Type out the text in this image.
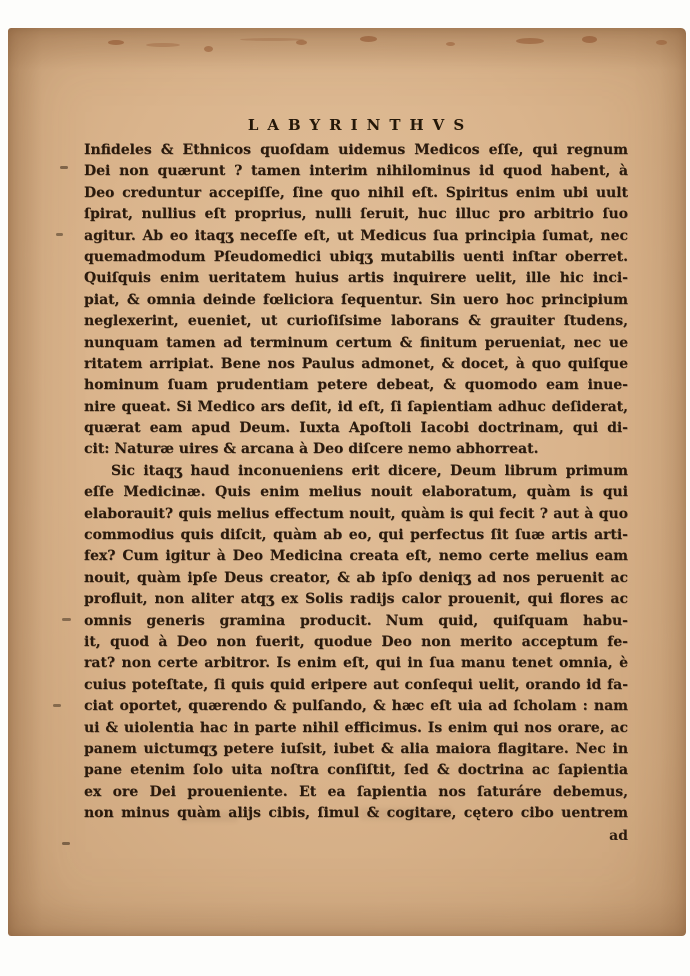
LABYRINTHVS
Infideles & Ethnicos quoſdam uidemus Medicos eſſe, qui regnum
Dei non quærunt ? tamen interim nihilominus id quod habent, à
Deo creduntur accepiſſe, ſine quo nihil eſt. Spiritus enim ubi uult
ſpirat, nullius eſt proprius, nulli ſeruit, huc illuc pro arbitrio ſuo
agitur. Ab eo itaqʒ neceſſe eſt, ut Medicus ſua principia ſumat, nec
quemadmodum Pſeudomedici ubiqʒ mutabilis uenti inſtar oberret.
Quiſquis enim ueritatem huius artis inquirere uelit, ille hic inci-
piat, & omnia deinde fœliciora ſequentur. Sin uero hoc principium
neglexerint, eueniet, ut curioſiſsime laborans & grauiter ſtudens,
nunquam tamen ad terminum certum & finitum perueniat, nec ue
ritatem arripiat. Bene nos Paulus admonet, & docet, à quo quiſque
hominum ſuam prudentiam petere debeat, & quomodo eam inue-
nire queat. Si Medico ars deſit, id eſt, ſi ſapientiam adhuc deſiderat,
quærat eam apud Deum. Iuxta Apoſtoli Iacobi doctrinam, qui di-
cit: Naturæ uires & arcana à Deo diſcere nemo abhorreat.
Sic itaqʒ haud inconueniens erit dicere, Deum librum primum
eſſe Medicinæ. Quis enim melius nouit elaboratum, quàm is qui
elaborauit? quis melius effectum nouit, quàm is qui fecit ? aut à quo
commodius quis diſcit, quàm ab eo, qui perfectus ſit ſuæ artis arti-
fex? Cum igitur à Deo Medicina creata eſt, nemo certe melius eam
nouit, quàm ipſe Deus creator, & ab ipſo deniqʒ ad nos peruenit ac
profluit, non aliter atqʒ ex Solis radijs calor prouenit, qui flores ac
omnis generis gramina producit.  Num quid, quiſquam habu-
it, quod à Deo non fuerit, quodue Deo non merito acceptum fe-
rat? non certe arbitror. Is enim eſt, qui in ſua manu tenet omnia, è
cuius poteſtate, ſi quis quid eripere aut conſequi uelit, orando id fa-
ciat oportet, quærendo & pulſando, & hæc eſt uia ad ſcholam : nam
ui & uiolentia hac in parte nihil efficimus. Is enim qui nos orare, ac
panem uictumqʒ petere iuſsit, iubet & alia maiora flagitare. Nec in
pane etenim ſolo uita noſtra conſiſtit, ſed & doctrina ac ſapientia
ex ore Dei proueniente. Et ea ſapientia nos ſaturáre debemus,
non minus quàm alijs cibis, ſimul & cogitare, cętero cibo uentrem
ad
